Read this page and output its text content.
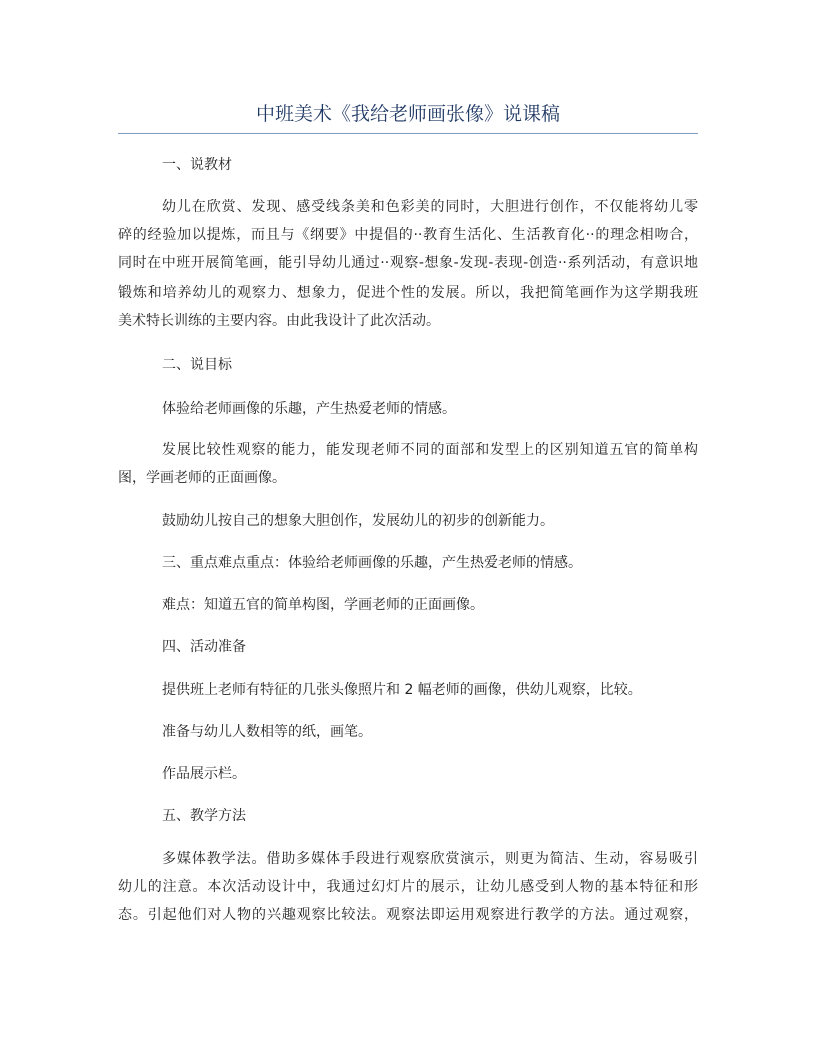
中班美术《我给老师画张像》说课稿
一、说教材
幼儿在欣赏、发现、感受线条美和色彩美的同时，大胆进行创作，不仅能将幼儿零
碎的经验加以提炼，而且与《纲要》中提倡的··教育生活化、生活教育化··的理念相吻合，
同时在中班开展简笔画，能引导幼儿通过··观察-想象-发现-表现-创造··系列活动，有意识地
锻炼和培养幼儿的观察力、想象力，促进个性的发展。所以，我把简笔画作为这学期我班
美术特长训练的主要内容。由此我设计了此次活动。
二、说目标
体验给老师画像的乐趣，产生热爱老师的情感。
发展比较性观察的能力，能发现老师不同的面部和发型上的区别知道五官的简单构
图，学画老师的正面画像。
鼓励幼儿按自己的想象大胆创作，发展幼儿的初步的创新能力。
三、重点难点重点：体验给老师画像的乐趣，产生热爱老师的情感。
难点：知道五官的简单构图，学画老师的正面画像。
四、活动准备
提供班上老师有特征的几张头像照片和 2 幅老师的画像，供幼儿观察，比较。
准备与幼儿人数相等的纸，画笔。
作品展示栏。
五、教学方法
多媒体教学法。借助多媒体手段进行观察欣赏演示，则更为简洁、生动，容易吸引
幼儿的注意。本次活动设计中，我通过幻灯片的展示，让幼儿感受到人物的基本特征和形
态。引起他们对人物的兴趣观察比较法。观察法即运用观察进行教学的方法。通过观察，
